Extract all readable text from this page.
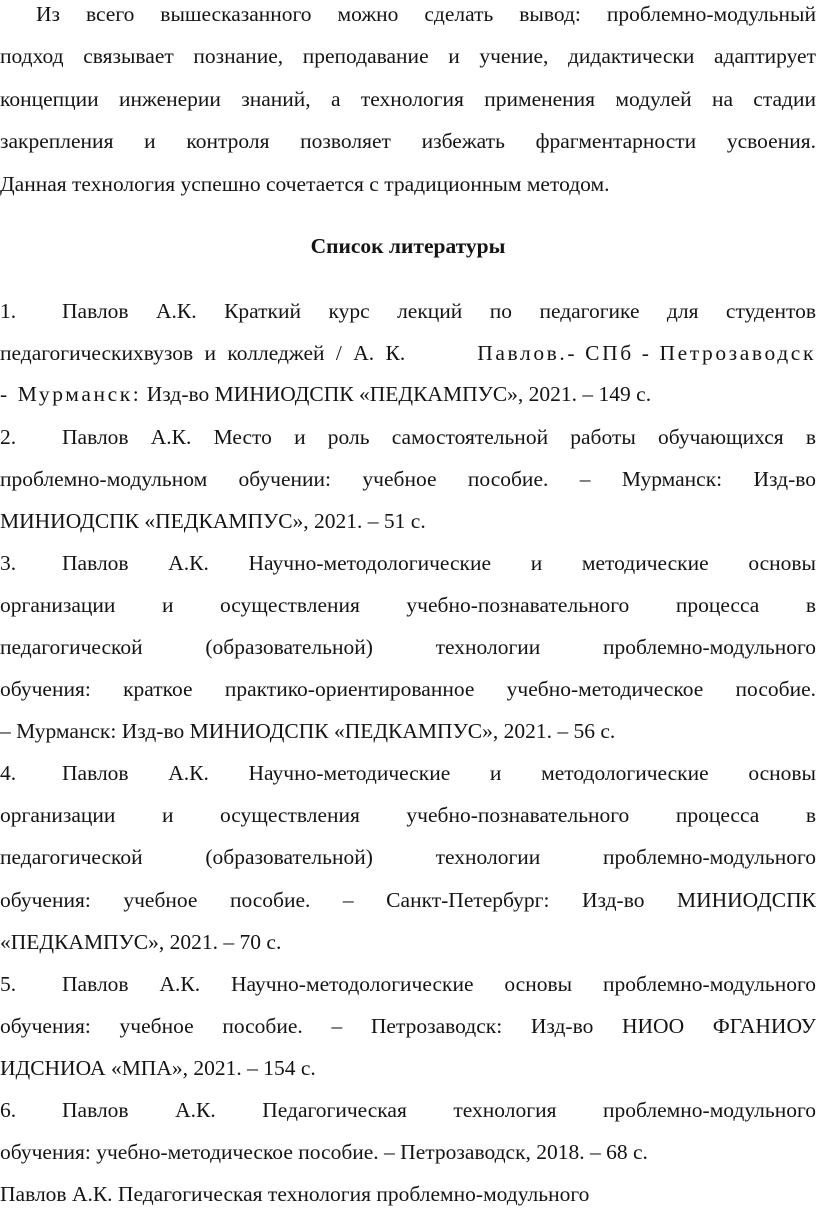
Из всего вышесказанного можно сделать вывод: проблемно-модульный
подход связывает познание, преподавание и учение, дидактически адаптирует
концепции инженерии знаний, а технология применения модулей на стадии
закрепления и контроля позволяет избежать фрагментарности усвоения.
Данная технология успешно сочетается с традиционным методом.
Список литературы
1.	Павлов А.К. Краткий курс лекций по педагогике для студентов
педагогическихвузов и колледжей / А. К.	Павлов.- СПб - Петрозаводск
- Мурманск: Изд-во МИНИОДСПК «ПЕДКАМПУС», 2021. – 149 с.
2.	Павлов А.К. Место и роль самостоятельной работы обучающихся в
проблемно-модульном обучении: учебное пособие. – Мурманск: Изд-во
МИНИОДСПК «ПЕДКАМПУС», 2021. – 51 с.
3.	Павлов А.К. Научно-методологические и методические основы
организации и осуществления учебно-познавательного процесса в
педагогической (образовательной) технологии проблемно-модульного
обучения: краткое практико-ориентированное учебно-методическое пособие.
– Мурманск: Изд-во МИНИОДСПК «ПЕДКАМПУС», 2021. – 56 с.
4.	Павлов А.К. Научно-методические и методологические основы
организации и осуществления учебно-познавательного процесса в
педагогической (образовательной) технологии проблемно-модульного
обучения: учебное пособие. – Санкт-Петербург: Изд-во МИНИОДСПК
«ПЕДКАМПУС», 2021. – 70 с.
5.	Павлов А.К. Научно-методологические основы проблемно-модульного
обучения: учебное пособие. – Петрозаводск: Изд-во НИОО ФГАНИОУ
ИДСНИОА «МПА», 2021. – 154 с.
6.	Павлов А.К. Педагогическая технология проблемно-модульного
обучения: учебно-методическое пособие. – Петрозаводск, 2018. – 68 с.
Павлов А.К. Педагогическая технология проблемно-модульного
